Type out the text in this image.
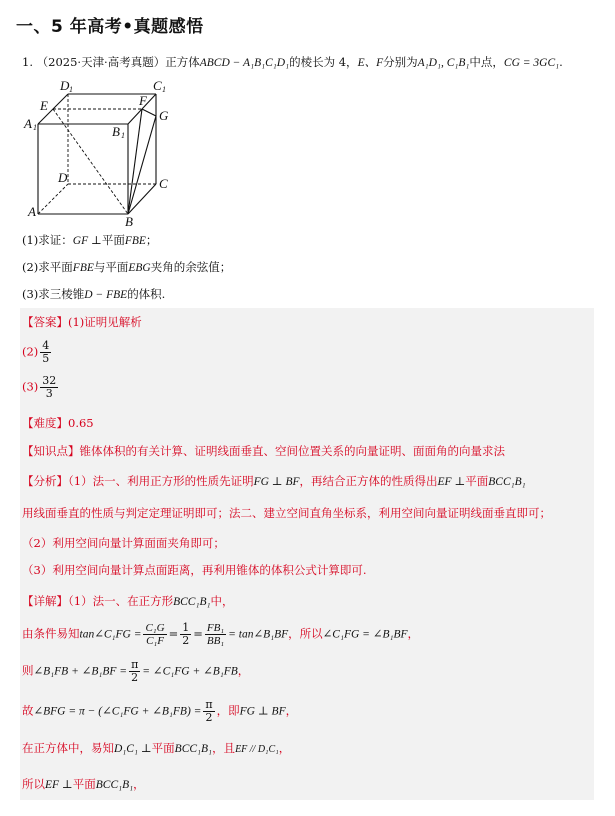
一、5 年高考•真题感悟
1. （2025·天津·高考真题）正方体ABCD − A₁B₁C₁D₁的棱长为 4，E、F分别为A₁D₁, C₁B₁中点，CG = 3GC₁.
D 1	C 1
E	F
A 1	B 1
G
D	C
A
B
(1)求证：GF ⊥平面FBE；
(2)求平面FBE与平面EBG夹角的余弦值；
(3)求三棱锥D − FBE的体积.
【答案】(1)证明见解析
$(2) \frac{4}{5}$
$(3) \frac{32}{3}$
【难度】0.65
【知识点】锥体体积的有关计算、证明线面垂直、空间位置关系的向量证明、面面角的向量求法
【分析】（1）法一、利用正方形的性质先证明FG ⊥ BF，再结合正方体的性质得出EF ⊥平面BCC₁B₁
用线面垂直的性质与判定定理证明即可；法二、建立空间直角坐标系，利用空间向量证明线面垂直即可；
（2）利用空间向量计算面面夹角即可；
（3）利用空间向量计算点面距离，再利用锥体的体积公式计算即可.
【详解】（1）法一、在正方形BCC₁B₁中，
由条件易知tan∠C₁FG = $\frac{\text{C₁G}}{\text{C₁F}} = \frac{1}{2} = \frac{\text{FB₁}}{\text{BB₁}}$ = tan∠B₁BF，所以∠C₁FG = ∠B₁BF，
则∠B₁FB + ∠B₁BF = $\frac{\pi}{2}$ = ∠C₁FG + ∠B₁FB，
故∠BFG = π − (∠C₁FG + ∠B₁FB) = $\frac{\pi}{2}$ ，即FG ⊥ BF，
在正方体中，易知D₁C₁ ⊥平面BCC₁B₁，且EF // D₁C₁，
所以EF ⊥平面BCC₁B₁，
